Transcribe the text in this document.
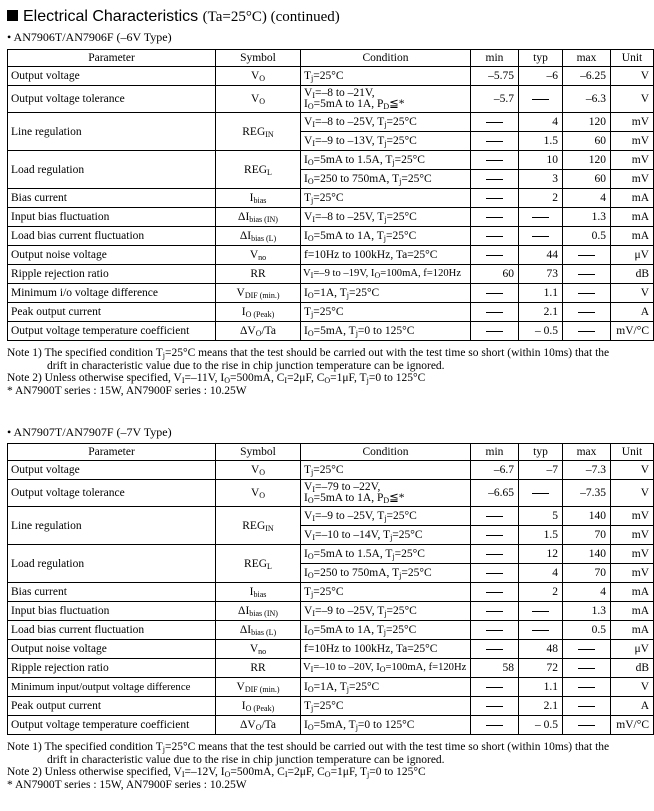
Electrical Characteristics (Ta=25°C) (continued)
• AN7906T/AN7906F (–6V Type)
Parameter	Symbol	Condition	min	typ	max	Unit
Output voltage	$V_O$	$T_j=25^\circ C$	–5.75	–6	–6.25	V
Output voltage tolerance	$V_O$	$V_I=-8$ to –21V,
$I_O=5mA$ to 1A, $P_D≦*$	–5.7		–6.3	V
Line regulation	$REG_{IN}$	$V_I=-8$ to –25V, $T_j=25^\circ C$		4	120	mV
		$V_I=-9$ to –13V, $T_j=25^\circ C$		1.5	60	mV
Load regulation	$REG_L$	$I_O=5mA$ to 1.5A, $T_j=25^\circ C$		10	120	mV
		$I_O=250$ to 750mA, $T_j=25^\circ C$		3	60	mV
Bias current	$I_{bias}$	$T_j=25^\circ C$		2	4	mA
Input bias fluctuation	$\Delta I_{bias (IN)}$	$V_I=-8$ to –25V, $T_j=25^\circ C$			1.3	mA
Load bias current fluctuation	$\Delta I_{bias (L)}$	$I_O=5mA$ to 1A, $T_j=25^\circ C$			0.5	mA
Output noise voltage	$V_{no}$	f=10Hz to 100kHz, Ta=25°C		44		μV
Ripple rejection ratio	RR	$V_I=-9$ to –19V, $I_O=100mA$, f=120Hz	60	73		dB
Minimum i/o voltage difference	$V_{DIF (min.)}$	$I_O=1A$, $T_j=25^\circ C$		1.1		V
Peak output current	$I_{O (Peak)}$	$T_j=25^\circ C$		2.1		A
Output voltage temperature coefficient	$\Delta V_O/Ta$	$I_O=5mA$, $T_j=0$ to 125°C		– 0.5		mV/°C
Note 1) The specified condition $T_j=25^\circ C$ means that the test should be carried out with the test time so short (within 10ms) that the
drift in characteristic value due to the rise in chip junction temperature can be ignored.
Note 2) Unless otherwise specified, $V_I=-11V$, $I_O=500mA$, $C_I=2\mu F$, $C_O=1\mu F$, $T_j=0$ to 125°C
* AN7900T series : 15W, AN7900F series : 10.25W
• AN7907T/AN7907F (–7V Type)
Parameter	Symbol	Condition	min	typ	max	Unit
Output voltage	$V_O$	$T_j=25^\circ C$	–6.7	–7	–7.3	V
Output voltage tolerance	$V_O$	$V_I=-79$ to –22V,
$I_O=5mA$ to 1A, $P_D≦*$	–6.65		–7.35	V
Line regulation	$REG_{IN}$	$V_I=-9$ to –25V, $T_j=25^\circ C$		5	140	mV
		$V_I=-10$ to –14V, $T_j=25^\circ C$		1.5	70	mV
Load regulation	$REG_L$	$I_O=5mA$ to 1.5A, $T_j=25^\circ C$		12	140	mV
		$I_O=250$ to 750mA, $T_j=25^\circ C$		4	70	mV
Bias current	$I_{bias}$	$T_j=25^\circ C$		2	4	mA
Input bias fluctuation	$\Delta I_{bias (IN)}$	$V_I=-9$ to –25V, $T_j=25^\circ C$			1.3	mA
Load bias current fluctuation	$\Delta I_{bias (L)}$	$I_O=5mA$ to 1A, $T_j=25^\circ C$			0.5	mA
Output noise voltage	$V_{no}$	f=10Hz to 100kHz, Ta=25°C		48		μV
Ripple rejection ratio	RR	$V_I=-10$ to –20V, $I_O=100mA$, f=120Hz	58	72		dB
Minimum input/output voltage difference	$V_{DIF (min.)}$	$I_O=1A$, $T_j=25^\circ C$		1.1		V
Peak output current	$I_{O (Peak)}$	$T_j=25^\circ C$		2.1		A
Output voltage temperature coefficient	$\Delta V_O/Ta$	$I_O=5mA$, $T_j=0$ to 125°C		– 0.5		mV/°C
Note 1) The specified condition $T_j=25^\circ C$ means that the test should be carried out with the test time so short (within 10ms) that the
drift in characteristic value due to the rise in chip junction temperature can be ignored.
Note 2) Unless otherwise specified, $V_I=-12V$, $I_O=500mA$, $C_I=2\mu F$, $C_O=1\mu F$, $T_j=0$ to 125°C
* AN7900T series : 15W, AN7900F series : 10.25W
